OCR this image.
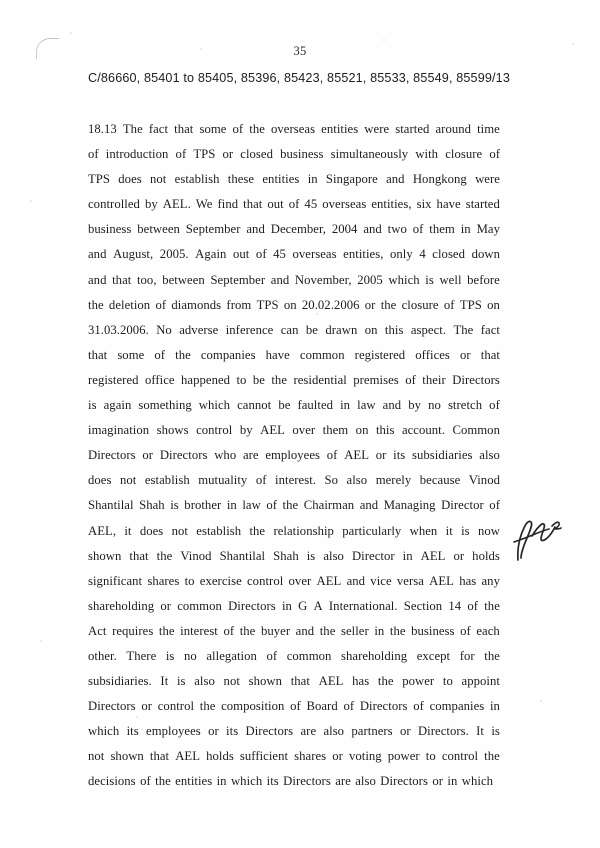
35
C/86660, 85401 to 85405, 85396, 85423, 85521, 85533, 85549, 85599/13
18.13 The fact that some of the overseas entities were started around time
of introduction of TPS or closed business simultaneously with closure of
TPS does not establish these entities in Singapore and Hongkong were
controlled by AEL. We find that out of 45 overseas entities, six have started
business between September and December, 2004 and two of them in May
and August, 2005. Again out of 45 overseas entities, only 4 closed down
and that too, between September and November, 2005 which is well before
the deletion of diamonds from TPS on 20.02.2006 or the closure of TPS on
31.03.2006. No adverse inference can be drawn on this aspect. The fact
that some of the companies have common registered offices or that
registered office happened to be the residential premises of their Directors
is again something which cannot be faulted in law and by no stretch of
imagination shows control by AEL over them on this account. Common
Directors or Directors who are employees of AEL or its subsidiaries also
does not establish mutuality of interest. So also merely because Vinod
Shantilal Shah is brother in law of the Chairman and Managing Director of
AEL, it does not establish the relationship particularly when it is now
shown that the Vinod Shantilal Shah is also Director in AEL or holds
significant shares to exercise control over AEL and vice versa AEL has any
shareholding or common Directors in G A International. Section 14 of the
Act requires the interest of the buyer and the seller in the business of each
other. There is no allegation of common shareholding except for the
subsidiaries. It is also not shown that AEL has the power to appoint
Directors or control the composition of Board of Directors of companies in
which its employees or its Directors are also partners or Directors. It is
not shown that AEL holds sufficient shares or voting power to control the
decisions of the entities in which its Directors are also Directors or in which
